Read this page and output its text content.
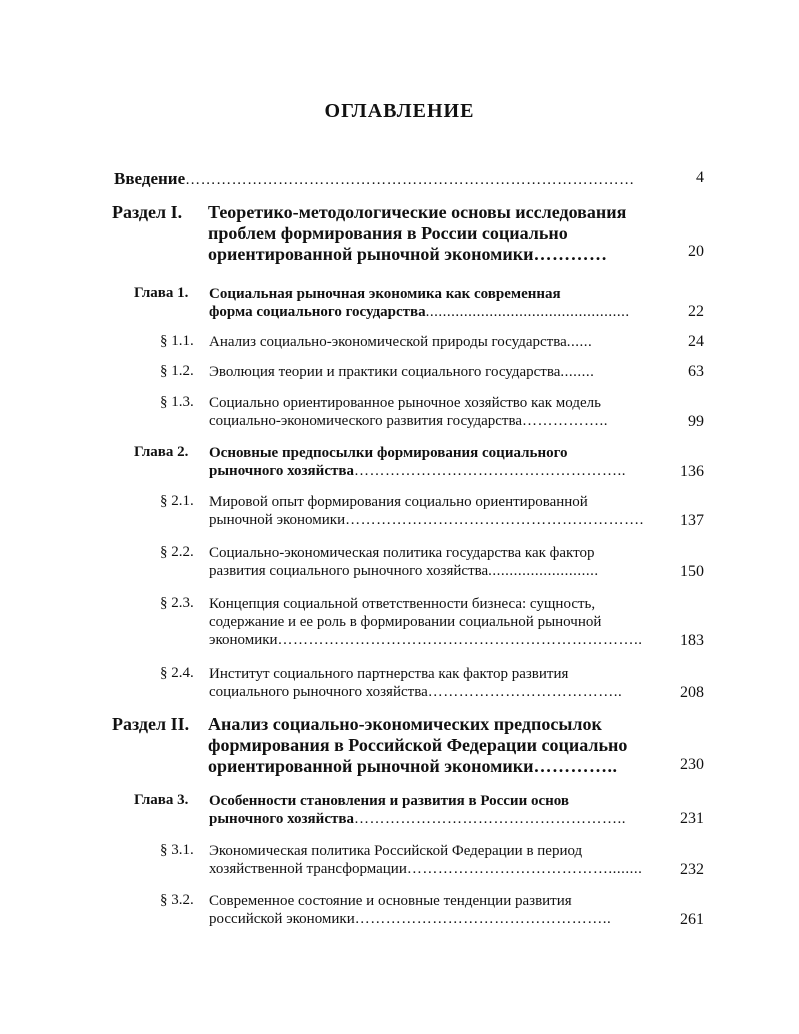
ОГЛАВЛЕНИЕ
Введение……………………………………………………………………………	4
Раздел I. Теоретико-методологические основы исследования
проблем формирования в России социально
ориентированной рыночной экономики…………	20
Глава 1. Социальная рыночная экономика как современная
форма социального государства................................................	22
§ 1.1. Анализ социально-экономической природы государства......	24
§ 1.2. Эволюция теории и практики социального государства........	63
§ 1.3. Социально ориентированное рыночное хозяйство как модель
социально-экономического развития государства……………..	99
Глава 2. Основные предпосылки формирования социального
рыночного хозяйства……………………………………………..	136
§ 2.1. Мировой опыт формирования социально ориентированной
рыночной экономики………………………………………………….	137
§ 2.2. Социально-экономическая политика государства как фактор
развития социального рыночного хозяйства..........................	150
§ 2.3. Концепция социальной ответственности бизнеса: сущность,
содержание и ее роль в формировании социальной рыночной
экономики……………………………………………………………..	183
§ 2.4. Институт социального партнерства как фактор развития
социального рыночного хозяйства………………………………..	208
Раздел II. Анализ социально-экономических предпосылок
формирования в Российской Федерации социально
ориентированной рыночной экономики…………..	230
Глава 3. Особенности становления и развития в России основ
рыночного хозяйства……………………………………………..	231
§ 3.1. Экономическая политика Российской Федерации в период
хозяйственной трансформации…………………………………........	232
§ 3.2. Современное состояние и основные тенденции развития
российской экономики…………………………………………..	261
